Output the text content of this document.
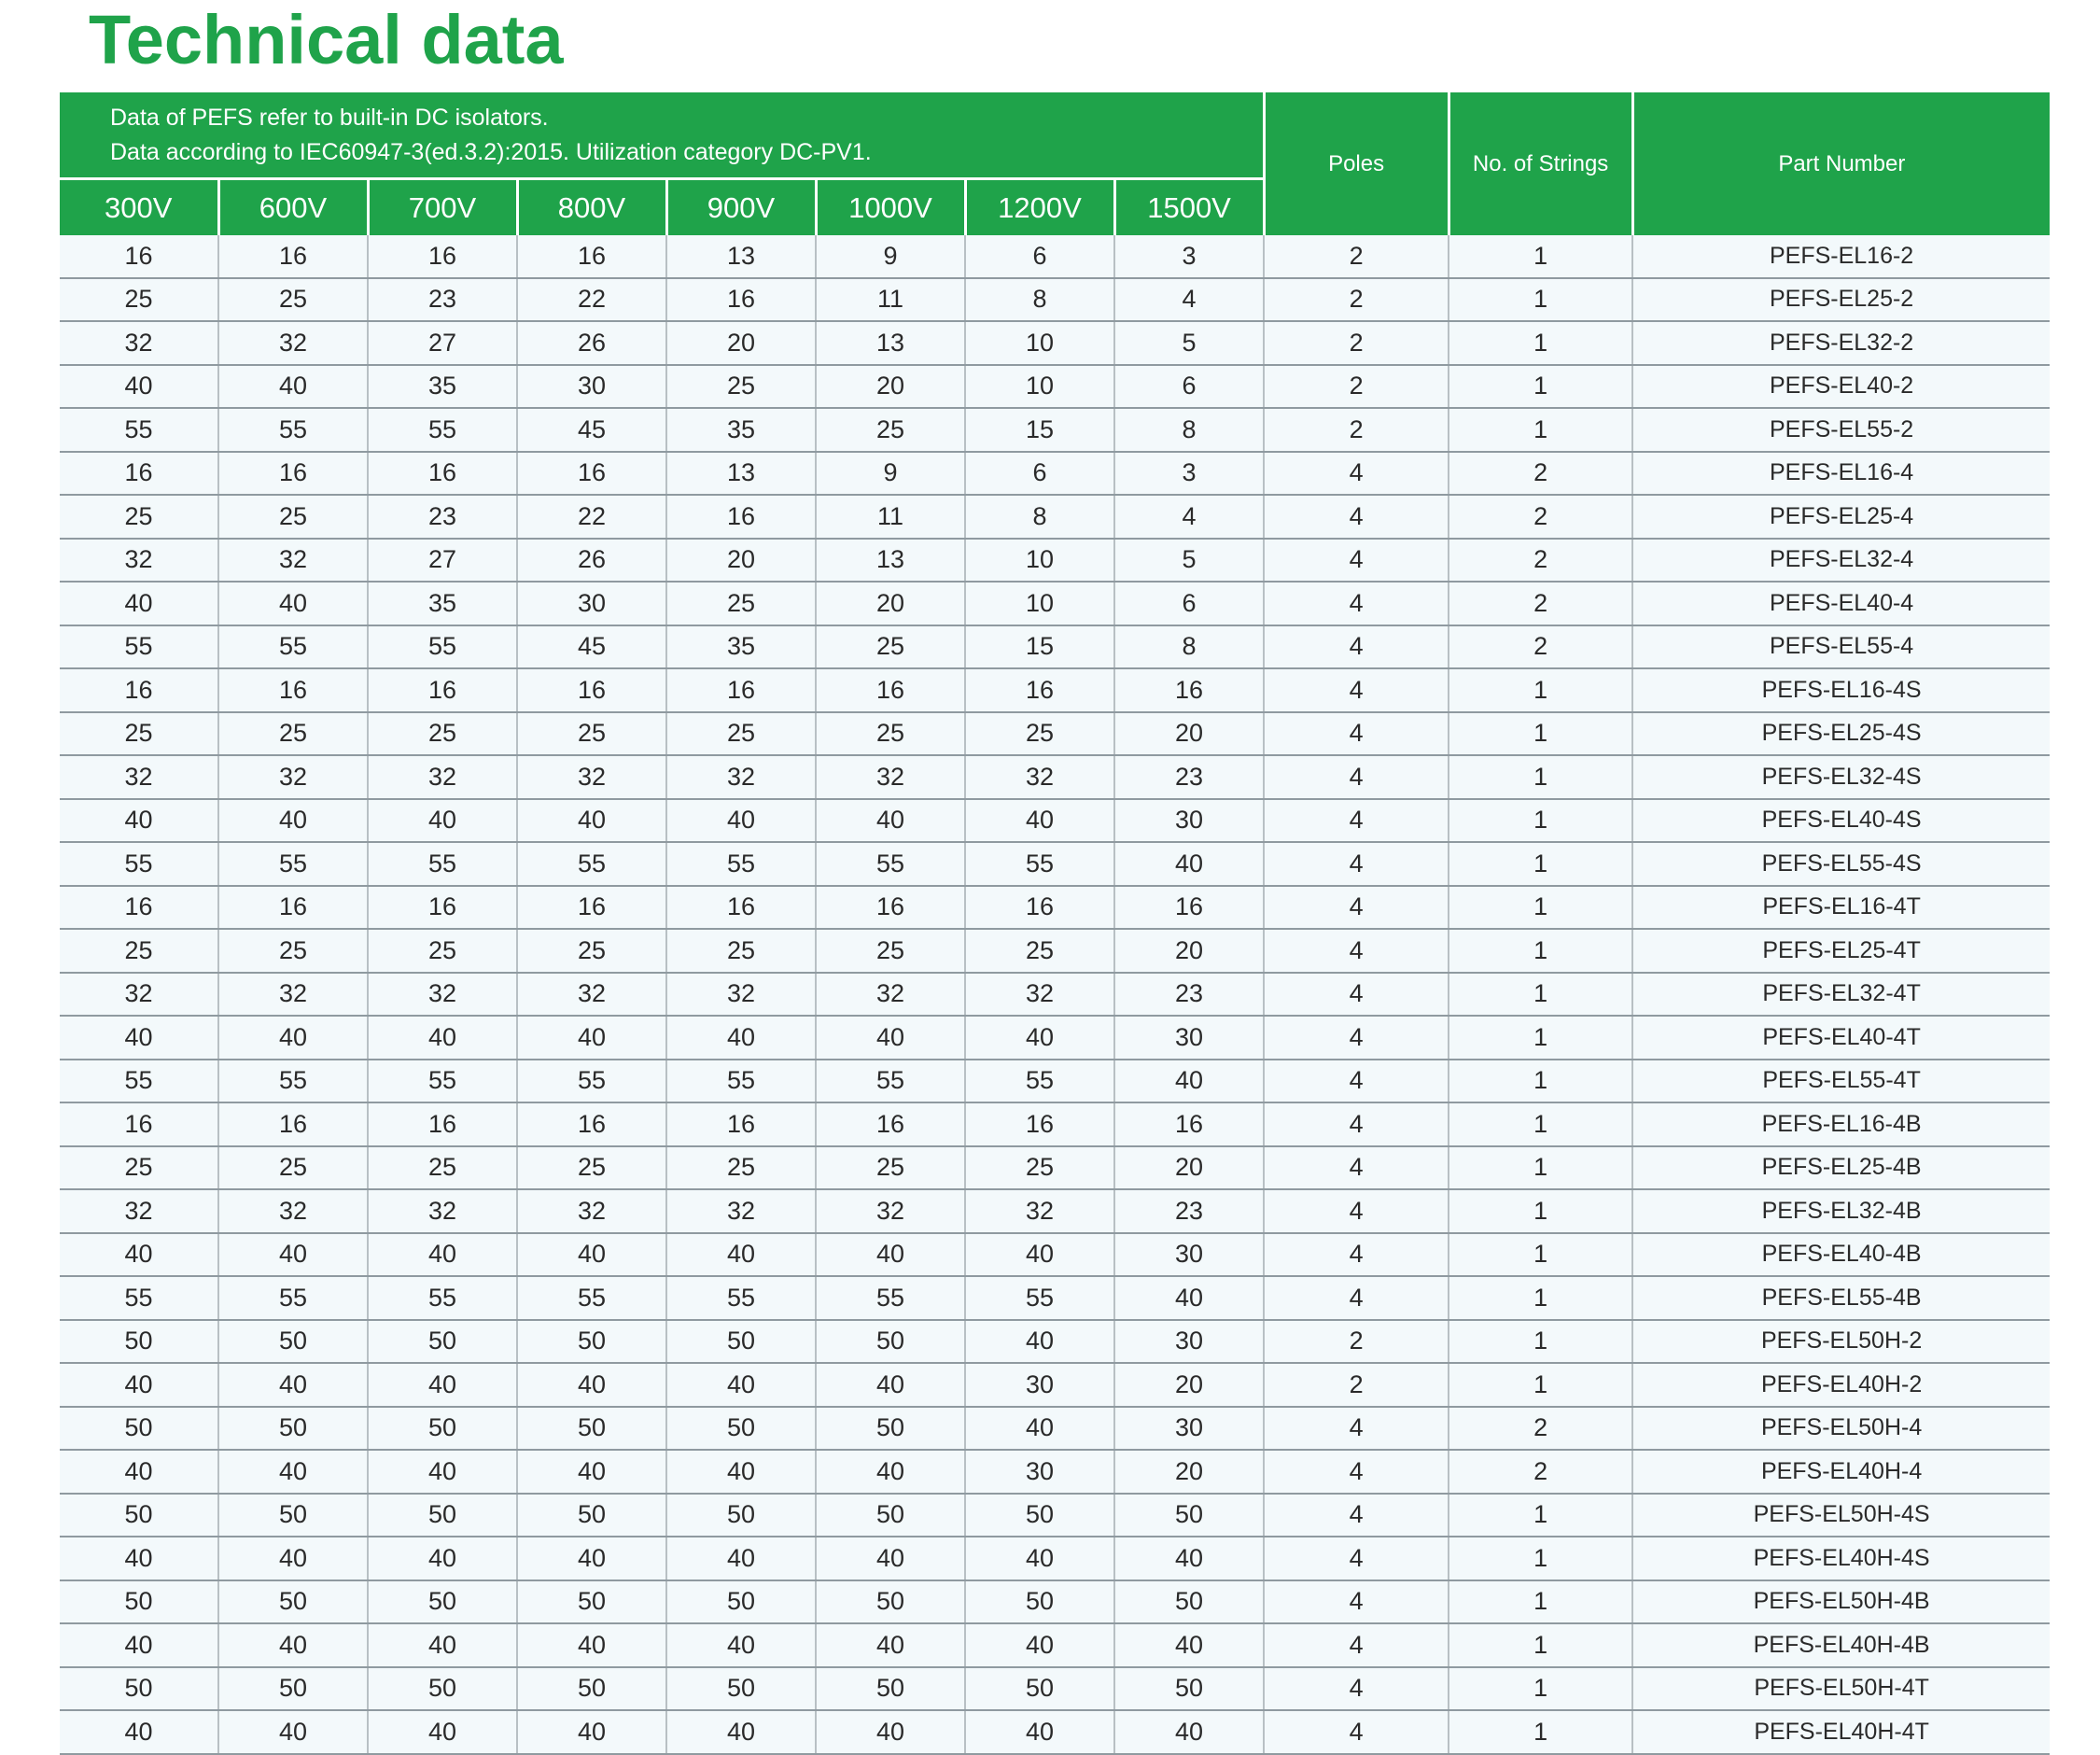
Technical data
Data of PEFS refer to built-in DC isolators.
Data according to IEC60947-3(ed.3.2):2015. Utilization category DC-PV1.								Poles	No. of Strings	Part Number
300V	600V	700V	800V	900V	1000V	1200V	1500V			
16	16	16	16	13	9	6	3	2	1	PEFS-EL16-2
25	25	23	22	16	11	8	4	2	1	PEFS-EL25-2
32	32	27	26	20	13	10	5	2	1	PEFS-EL32-2
40	40	35	30	25	20	10	6	2	1	PEFS-EL40-2
55	55	55	45	35	25	15	8	2	1	PEFS-EL55-2
16	16	16	16	13	9	6	3	4	2	PEFS-EL16-4
25	25	23	22	16	11	8	4	4	2	PEFS-EL25-4
32	32	27	26	20	13	10	5	4	2	PEFS-EL32-4
40	40	35	30	25	20	10	6	4	2	PEFS-EL40-4
55	55	55	45	35	25	15	8	4	2	PEFS-EL55-4
16	16	16	16	16	16	16	16	4	1	PEFS-EL16-4S
25	25	25	25	25	25	25	20	4	1	PEFS-EL25-4S
32	32	32	32	32	32	32	23	4	1	PEFS-EL32-4S
40	40	40	40	40	40	40	30	4	1	PEFS-EL40-4S
55	55	55	55	55	55	55	40	4	1	PEFS-EL55-4S
16	16	16	16	16	16	16	16	4	1	PEFS-EL16-4T
25	25	25	25	25	25	25	20	4	1	PEFS-EL25-4T
32	32	32	32	32	32	32	23	4	1	PEFS-EL32-4T
40	40	40	40	40	40	40	30	4	1	PEFS-EL40-4T
55	55	55	55	55	55	55	40	4	1	PEFS-EL55-4T
16	16	16	16	16	16	16	16	4	1	PEFS-EL16-4B
25	25	25	25	25	25	25	20	4	1	PEFS-EL25-4B
32	32	32	32	32	32	32	23	4	1	PEFS-EL32-4B
40	40	40	40	40	40	40	30	4	1	PEFS-EL40-4B
55	55	55	55	55	55	55	40	4	1	PEFS-EL55-4B
50	50	50	50	50	50	40	30	2	1	PEFS-EL50H-2
40	40	40	40	40	40	30	20	2	1	PEFS-EL40H-2
50	50	50	50	50	50	40	30	4	2	PEFS-EL50H-4
40	40	40	40	40	40	30	20	4	2	PEFS-EL40H-4
50	50	50	50	50	50	50	50	4	1	PEFS-EL50H-4S
40	40	40	40	40	40	40	40	4	1	PEFS-EL40H-4S
50	50	50	50	50	50	50	50	4	1	PEFS-EL50H-4B
40	40	40	40	40	40	40	40	4	1	PEFS-EL40H-4B
50	50	50	50	50	50	50	50	4	1	PEFS-EL50H-4T
40	40	40	40	40	40	40	40	4	1	PEFS-EL40H-4T
